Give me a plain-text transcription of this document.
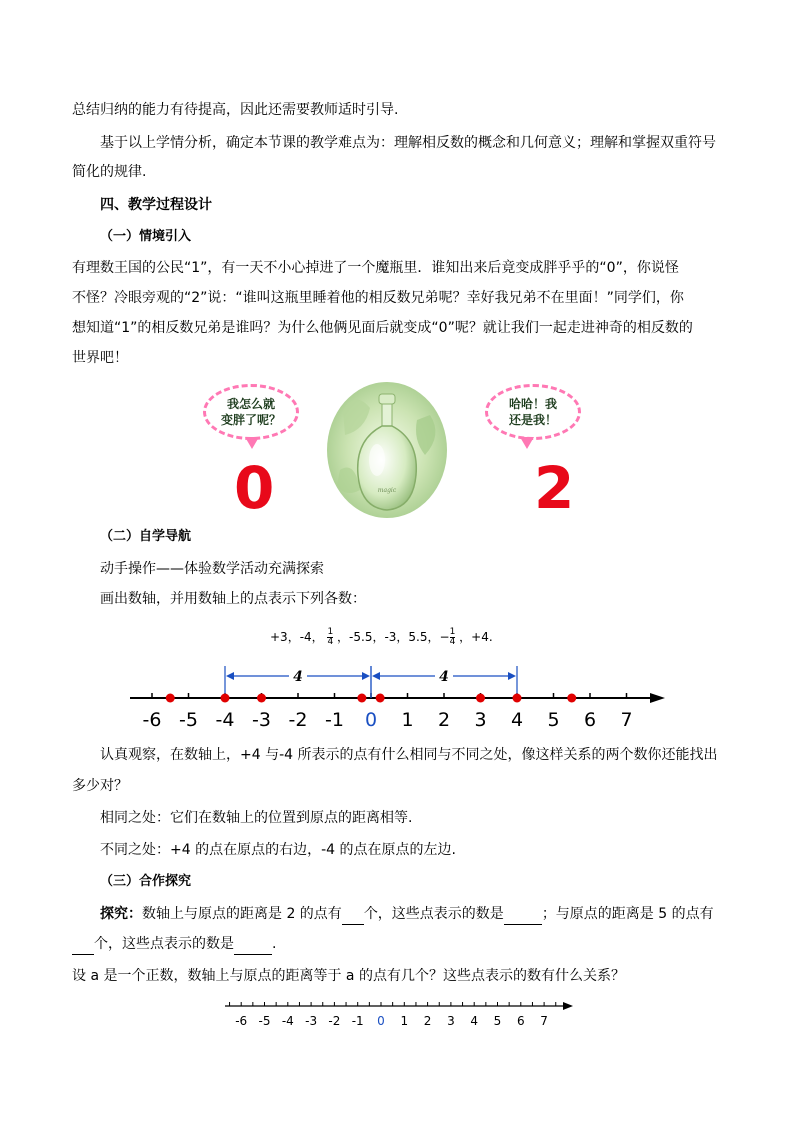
总结归纳的能力有待提高，因此还需要教师适时引导.
基于以上学情分析，确定本节课的教学难点为：理解相反数的概念和几何意义；理解和掌握双重符号
简化的规律.
四、教学过程设计
（一）情境引入
有理数王国的公民“1”，有一天不小心掉进了一个魔瓶里．谁知出来后竟变成胖乎乎的“0”，你说怪
不怪？冷眼旁观的“2”说：“谁叫这瓶里睡着他的相反数兄弟呢？幸好我兄弟不在里面！”同学们，你
想知道“1”的相反数兄弟是谁吗？为什么他俩见面后就变成“0”呢？就让我们一起走进神奇的相反数的
世界吧！
我怎么就
变胖了呢？
0	magic
哈哈！我
还是我！
2
（二）自学导航
动手操作——体验数学活动充满探索
画出数轴，并用数轴上的点表示下列各数：
+3，-4， $\frac{1}{4}$ ，-5.5，-3，5.5，− $\frac{1}{4}$ ，+4.
-6 -5 -4 -3 -2 -1 0 1 2 3 4 5 6 7
4	4
认真观察，在数轴上，+4 与-4 所表示的点有什么相同与不同之处，像这样关系的两个数你还能找出
多少对？
相同之处：它们在数轴上的位置到原点的距离相等.
不同之处：+4 的点在原点的右边，-4 的点在原点的左边.
（三）合作探究
探究：数轴上与原点的距离是 2 的点有 个，这些点表示的数是	；与原点的距离是 5 的点有
个，这些点表示的数是	.
设 a 是一个正数，数轴上与原点的距离等于 a 的点有几个？这些点表示的数有什么关系？
-6 -5 -4 -3 -2 -1 0 1 2 3 4 5 6 7
